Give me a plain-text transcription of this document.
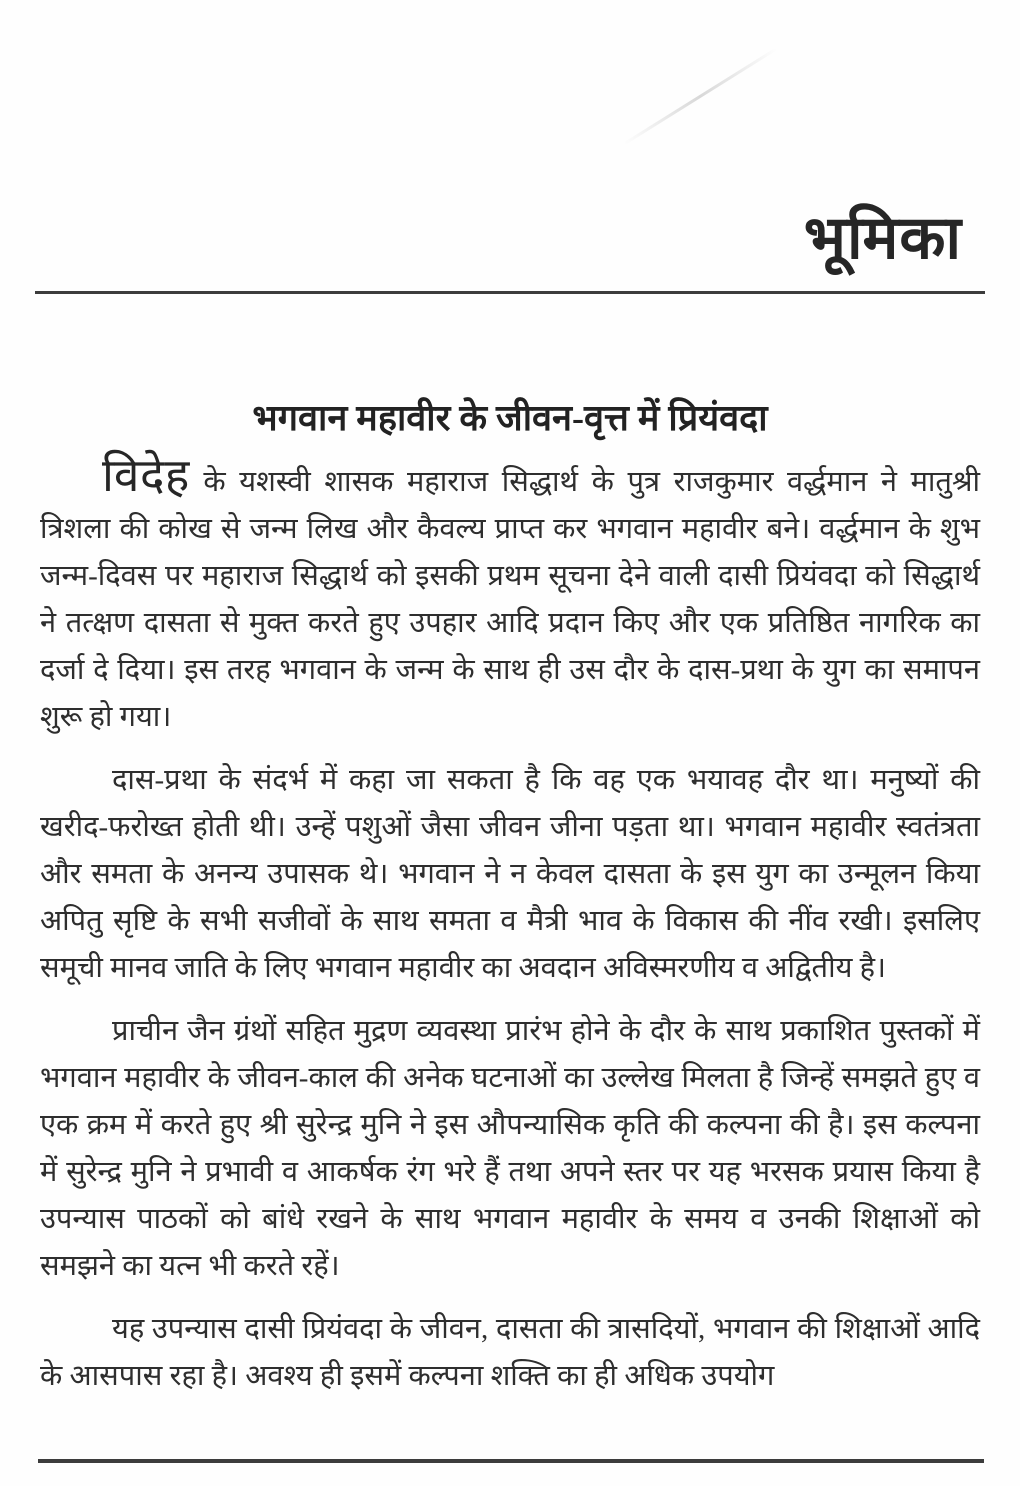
भूमिका
भगवान महावीर के जीवन-वृत्त में प्रियंवदा

विदेह के यशस्वी शासक महाराज सिद्धार्थ के पुत्र राजकुमार वर्द्धमान ने मातुश्री त्रिशला की कोख से जन्म लिख और कैवल्य प्राप्त कर भगवान महावीर बने। वर्द्धमान के शुभ जन्म-दिवस पर महाराज सिद्धार्थ को इसकी प्रथम सूचना देने वाली दासी प्रियंवदा को सिद्धार्थ ने तत्क्षण दासता से मुक्त करते हुए उपहार आदि प्रदान किए और एक प्रतिष्ठित नागरिक का दर्जा दे दिया। इस तरह भगवान के जन्म के साथ ही उस दौर के दास-प्रथा के युग का समापन शुरू हो गया।

दास-प्रथा के संदर्भ में कहा जा सकता है कि वह एक भयावह दौर था। मनुष्यों की खरीद-फरोख्त होती थी। उन्हें पशुओं जैसा जीवन जीना पड़ता था। भगवान महावीर स्वतंत्रता और समता के अनन्य उपासक थे। भगवान ने न केवल दासता के इस युग का उन्मूलन किया अपितु सृष्टि के सभी सजीवों के साथ समता व मैत्री भाव के विकास की नींव रखी। इसलिए समूची मानव जाति के लिए भगवान महावीर का अवदान अविस्मरणीय व अद्वितीय है।

प्राचीन जैन ग्रंथों सहित मुद्रण व्यवस्था प्रारंभ होने के दौर के साथ प्रकाशित पुस्तकों में भगवान महावीर के जीवन-काल की अनेक घटनाओं का उल्लेख मिलता है जिन्हें समझते हुए व एक क्रम में करते हुए श्री सुरेन्द्र मुनि ने इस औपन्यासिक कृति की कल्पना की है। इस कल्पना में सुरेन्द्र मुनि ने प्रभावी व आकर्षक रंग भरे हैं तथा अपने स्तर पर यह भरसक प्रयास किया है उपन्यास पाठकों को बांधे रखने के साथ भगवान महावीर के समय व उनकी शिक्षाओं को समझने का यत्न भी करते रहें।

यह उपन्यास दासी प्रियंवदा के जीवन, दासता की त्रासदियों, भगवान की शिक्षाओं आदि के आसपास रहा है। अवश्य ही इसमें कल्पना शक्ति का ही अधिक उपयोग
